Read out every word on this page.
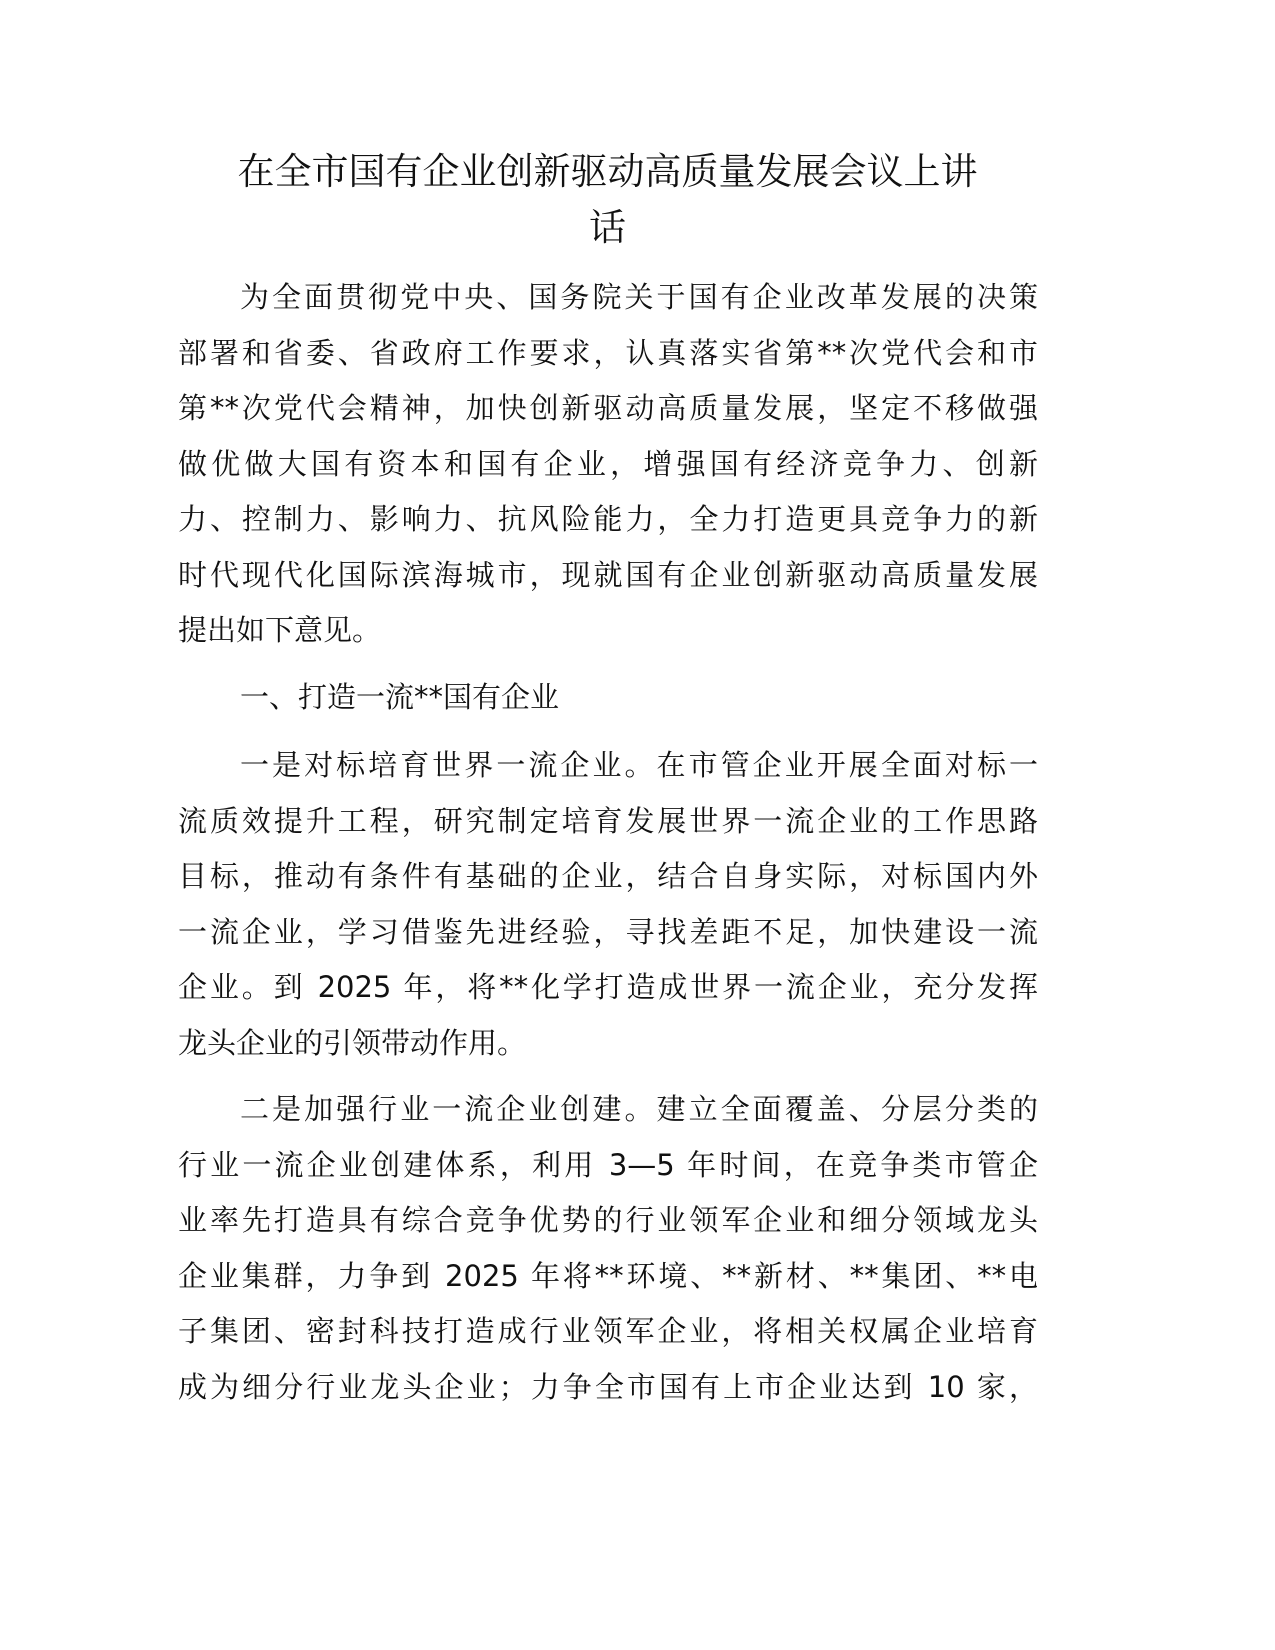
在全市国有企业创新驱动高质量发展会议上讲
话
为全面贯彻党中央、国务院关于国有企业改革发展的决策
部署和省委、省政府工作要求，认真落实省第**次党代会和市
第**次党代会精神，加快创新驱动高质量发展，坚定不移做强
做优做大国有资本和国有企业，增强国有经济竞争力、创新
力、控制力、影响力、抗风险能力，全力打造更具竞争力的新
时代现代化国际滨海城市，现就国有企业创新驱动高质量发展
提出如下意见。
一、打造一流**国有企业
一是对标培育世界一流企业。在市管企业开展全面对标一
流质效提升工程，研究制定培育发展世界一流企业的工作思路
目标，推动有条件有基础的企业，结合自身实际，对标国内外
一流企业，学习借鉴先进经验，寻找差距不足，加快建设一流
企业。到 2025 年，将**化学打造成世界一流企业，充分发挥
龙头企业的引领带动作用。
二是加强行业一流企业创建。建立全面覆盖、分层分类的
行业一流企业创建体系，利用 3—5 年时间，在竞争类市管企
业率先打造具有综合竞争优势的行业领军企业和细分领域龙头
企业集群，力争到 2025 年将**环境、**新材、**集团、**电
子集团、密封科技打造成行业领军企业，将相关权属企业培育
成为细分行业龙头企业；力争全市国有上市企业达到 10 家，
